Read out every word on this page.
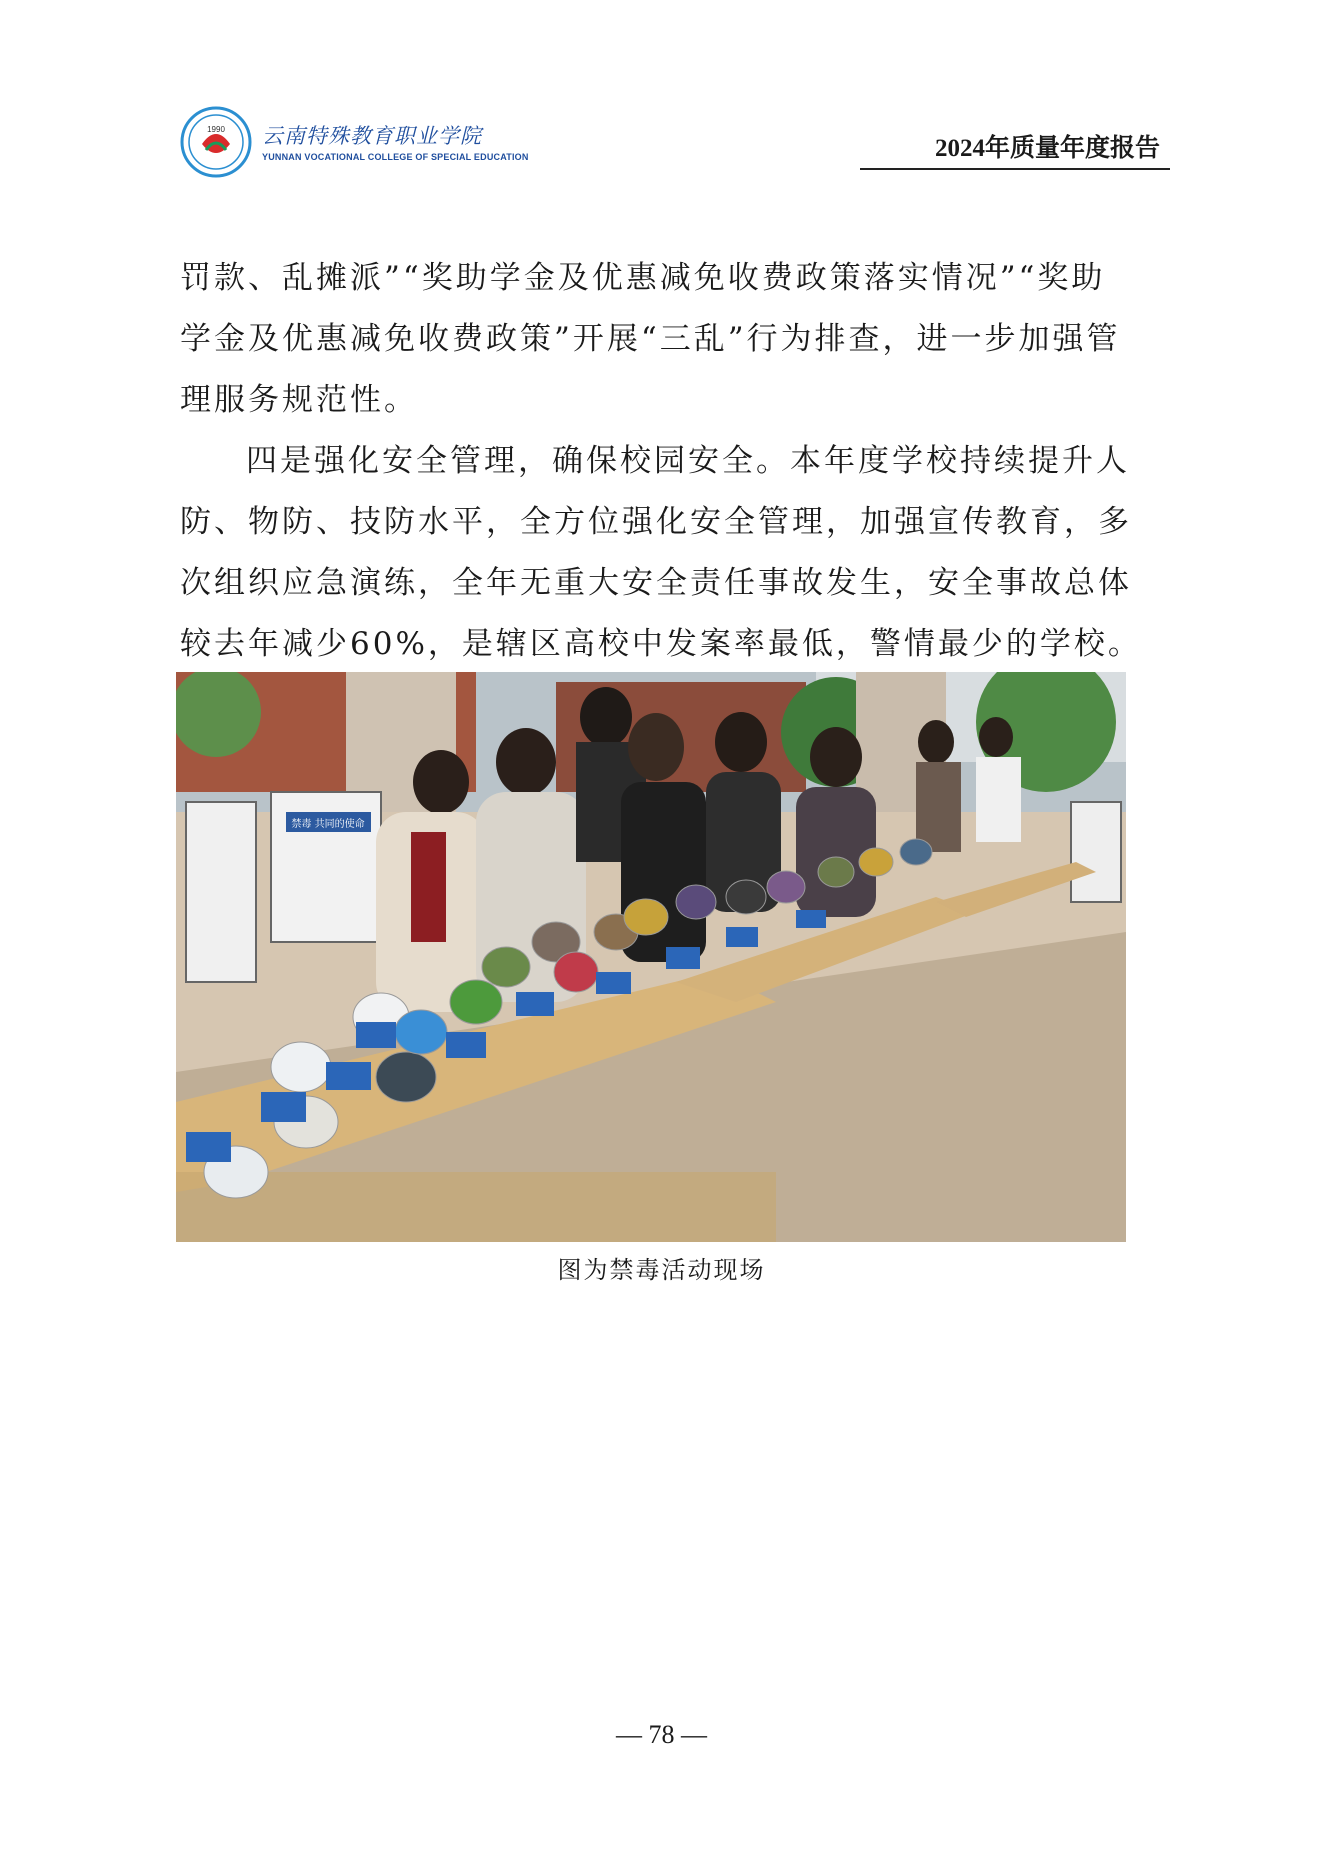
1990 云南特殊教育职业学院
YUNNAN VOCATIONAL COLLEGE OF SPECIAL EDUCATION	2024年质量年度报告

罚款、乱摊派”“奖助学金及优惠减免收费政策落实情况”“奖助

学金及优惠减免收费政策”开展“三乱”行为排查，进一步加强管

理服务规范性。

四是强化安全管理，确保校园安全。本年度学校持续提升人

防、物防、技防水平，全方位强化安全管理，加强宣传教育，多

次组织应急演练，全年无重大安全责任事故发生，安全事故总体

较去年减少60%，是辖区高校中发案率最低，警情最少的学校。

禁毒 共同的使命
图为禁毒活动现场
— 78 —
